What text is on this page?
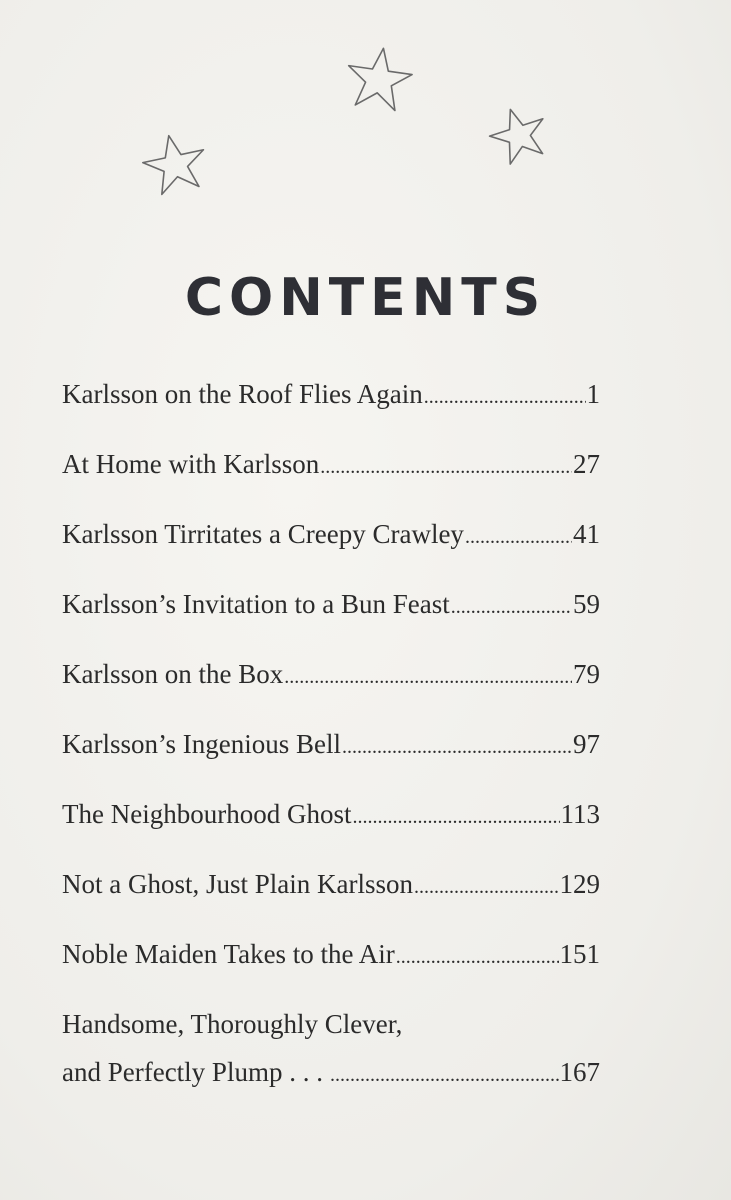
CONTENTS
Karlsson on the Roof Flies Again .....	1
At Home with Karlsson .....	27
Karlsson Tirritates a Creepy Crawley .....	41
Karlsson’s Invitation to a Bun Feast .....	59
Karlsson on the Box .....	79
Karlsson’s Ingenious Bell .....	97
The Neighbourhood Ghost .....	113
Not a Ghost, Just Plain Karlsson .....	129
Noble Maiden Takes to the Air .....	151
Handsome, Thoroughly Clever,
and Perfectly Plump . . . .....	167
